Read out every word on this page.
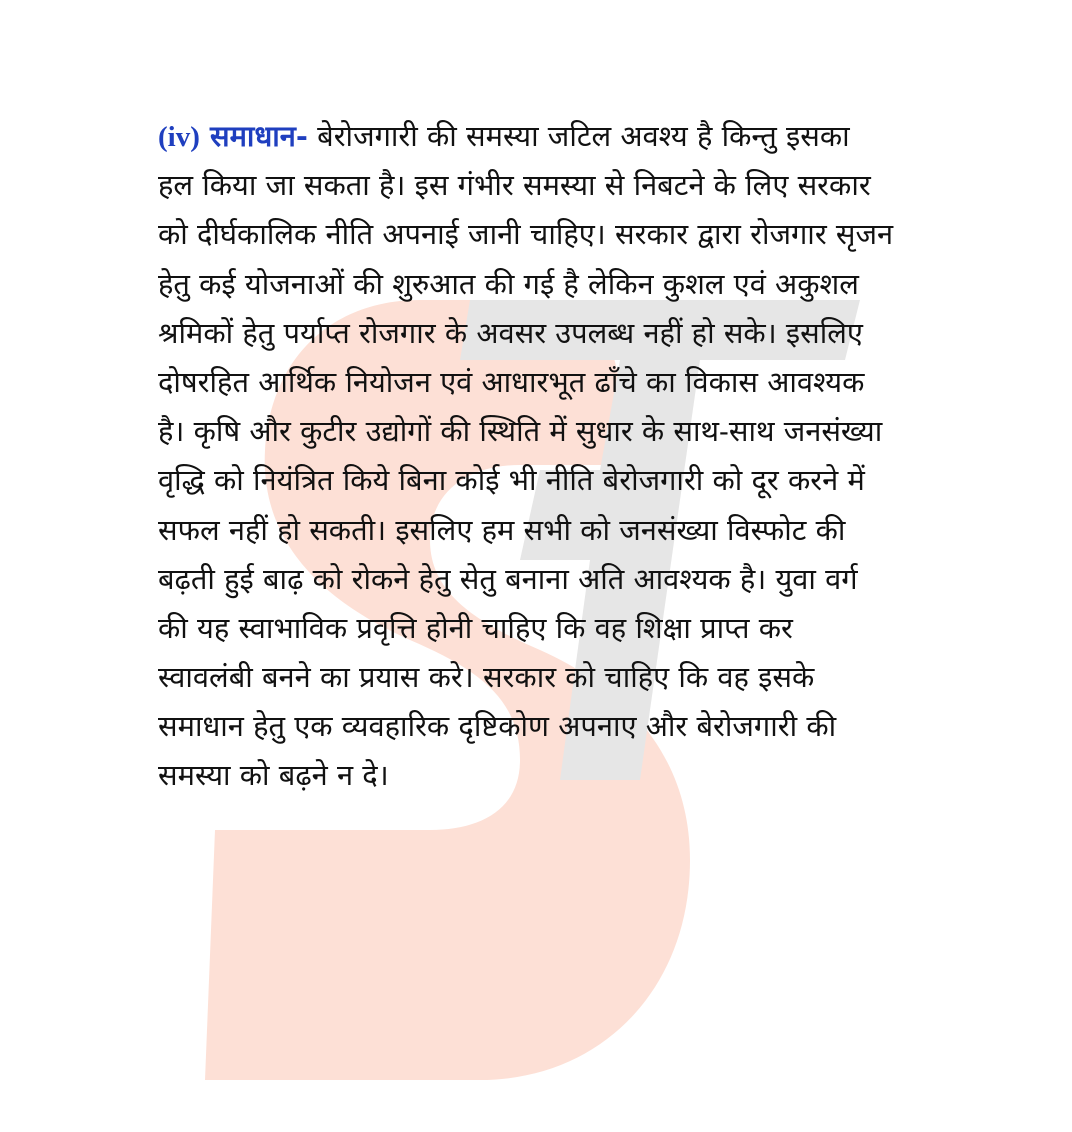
(iv) समाधान- बेरोजगारी की समस्या जटिल अवश्य है किन्तु इसका
हल किया जा सकता है। इस गंभीर समस्या से निबटने के लिए सरकार
को दीर्घकालिक नीति अपनाई जानी चाहिए। सरकार द्वारा रोजगार सृजन
हेतु कई योजनाओं की शुरुआत की गई है लेकिन कुशल एवं अकुशल
श्रमिकों हेतु पर्याप्त रोजगार के अवसर उपलब्ध नहीं हो सके। इसलिए
दोषरहित आर्थिक नियोजन एवं आधारभूत ढाँचे का विकास आवश्यक
है। कृषि और कुटीर उद्योगों की स्थिति में सुधार के साथ-साथ जनसंख्या
वृद्धि को नियंत्रित किये बिना कोई भी नीति बेरोजगारी को दूर करने में
सफल नहीं हो सकती। इसलिए हम सभी को जनसंख्या विस्फोट की
बढ़ती हुई बाढ़ को रोकने हेतु सेतु बनाना अति आवश्यक है। युवा वर्ग
की यह स्वाभाविक प्रवृत्ति होनी चाहिए कि वह शिक्षा प्राप्त कर
स्वावलंबी बनने का प्रयास करे। सरकार को चाहिए कि वह इसके
समाधान हेतु एक व्यवहारिक दृष्टिकोण अपनाए और बेरोजगारी की
समस्या को बढ़ने न दे।
